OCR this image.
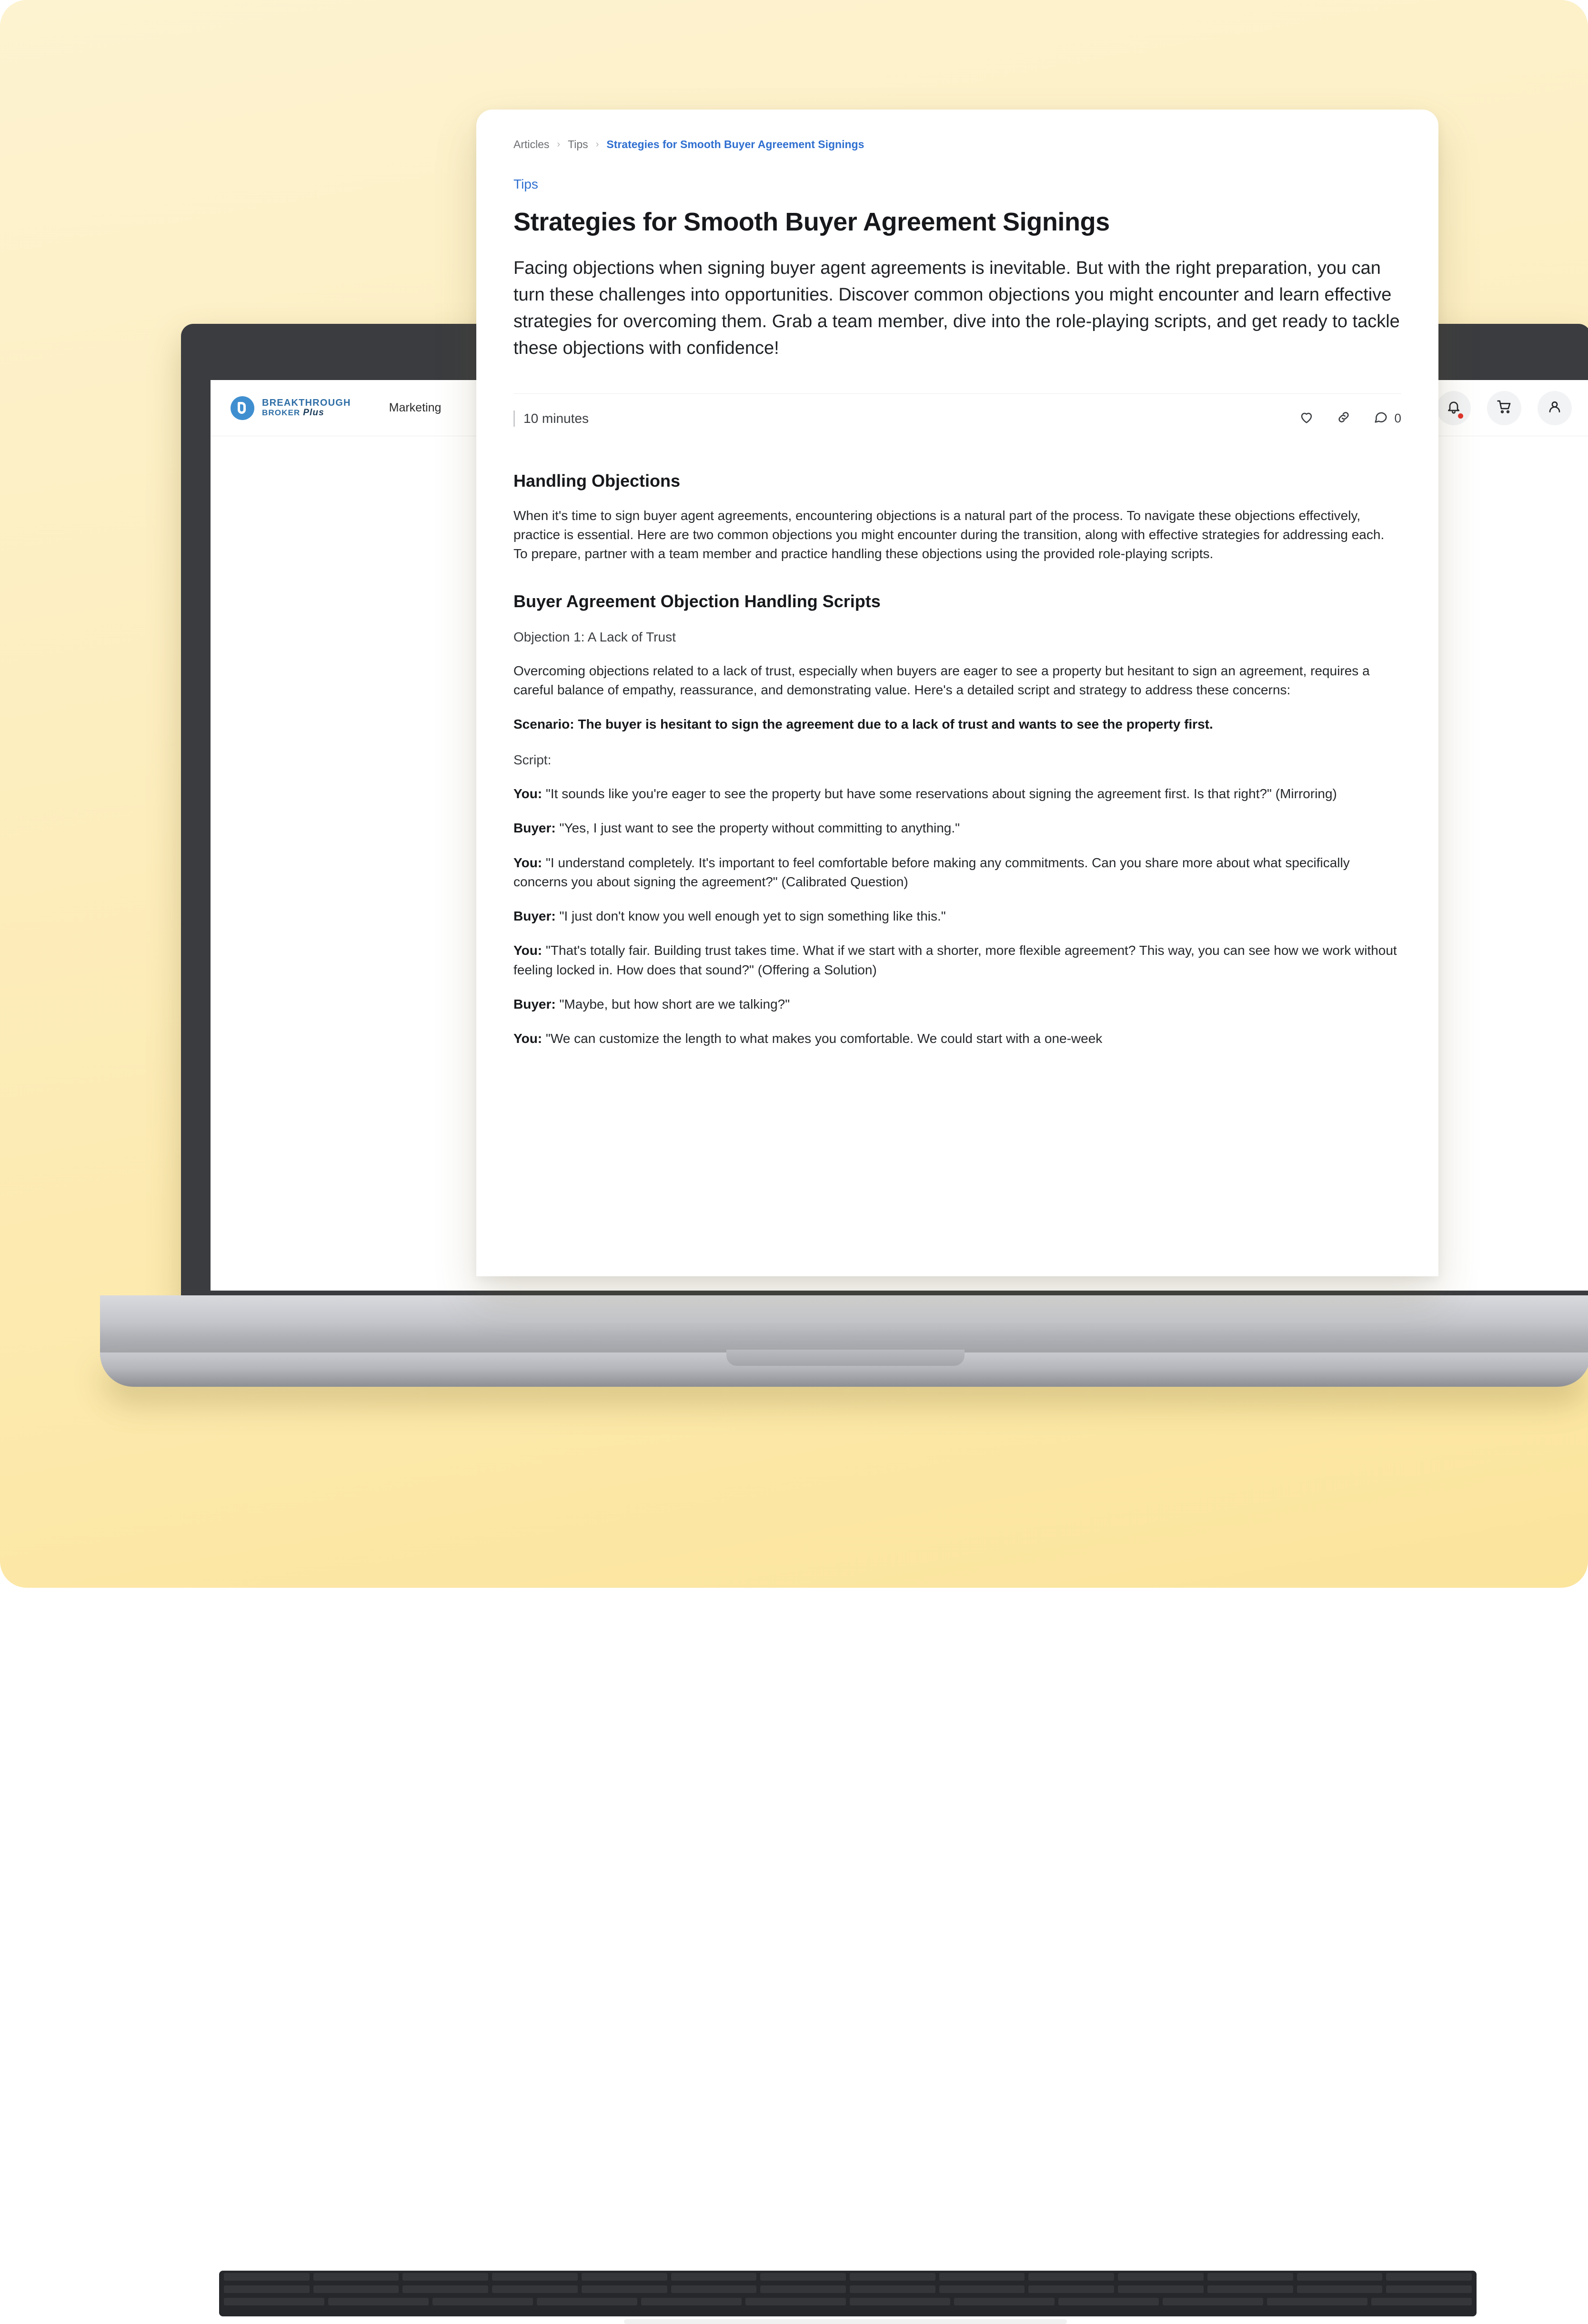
BREAKTHROUGH
BROKER Plus	Marketing
Articles › Tips › Strategies for Smooth Buyer Agreement Signings
Tips
Strategies for Smooth Buyer Agreement Signings

Facing objections when signing buyer agent agreements is inevitable. But with the right preparation, you can turn these challenges into opportunities. Discover common objections you might encounter and learn effective strategies for overcoming them. Grab a team member, dive into the role-playing scripts, and get ready to tackle these objections with confidence!

10 minutes	0
Handling Objections

When it's time to sign buyer agent agreements, encountering objections is a natural part of the process. To navigate these objections effectively, practice is essential. Here are two common objections you might encounter during the transition, along with effective strategies for addressing each. To prepare, partner with a team member and practice handling these objections using the provided role-playing scripts.

Buyer Agreement Objection Handling Scripts

Objection 1: A Lack of Trust

Overcoming objections related to a lack of trust, especially when buyers are eager to see a property but hesitant to sign an agreement, requires a careful balance of empathy, reassurance, and demonstrating value. Here's a detailed script and strategy to address these concerns:

Scenario: The buyer is hesitant to sign the agreement due to a lack of trust and wants to see the property first.

Script:

You: "It sounds like you're eager to see the property but have some reservations about signing the agreement first. Is that right?" (Mirroring)

Buyer: "Yes, I just want to see the property without committing to anything."

You: "I understand completely. It's important to feel comfortable before making any commitments. Can you share more about what specifically concerns you about signing the agreement?" (Calibrated Question)

Buyer: "I just don't know you well enough yet to sign something like this."

You: "That's totally fair. Building trust takes time. What if we start with a shorter, more flexible agreement? This way, you can see how we work without feeling locked in. How does that sound?" (Offering a Solution)

Buyer: "Maybe, but how short are we talking?"

You: "We can customize the length to what makes you comfortable. We could start with a one-week
